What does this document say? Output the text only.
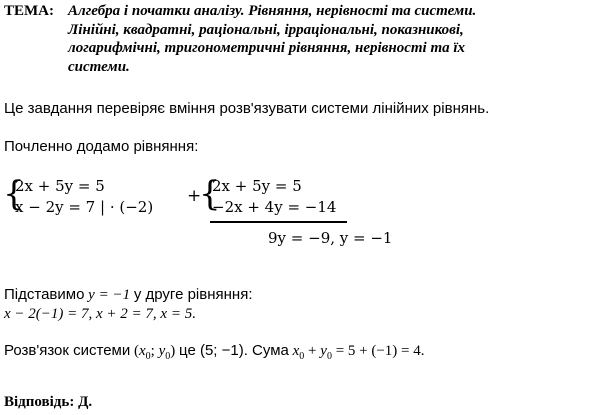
ТЕМА: Алгебра і початки аналізу. Рівняння, нерівності та системи.
Лінійні, квадратні, раціональні, ірраціональні, показникові,
логарифмічні, тригонометричні рівняння, нерівності та їх
системи.
Це завдання перевіряє вміння розв'язувати системи лінійних рівнянь.
Почленно додамо рівняння:
{
2x + 5y = 5
x − 2y = 7 | · (−2)
+
{
2x + 5y = 5
−2x + 4y = −14
9y = −9, y = −1
Підставимо y = −1 у друге рівняння:
x − 2(−1) = 7, x + 2 = 7, x = 5.
Розв'язок системи ($x_0$; $y_0$) це (5; −1). Сума $x_0 + y_0 = 5 + (-1) = 4$.
Відповідь: Д.
